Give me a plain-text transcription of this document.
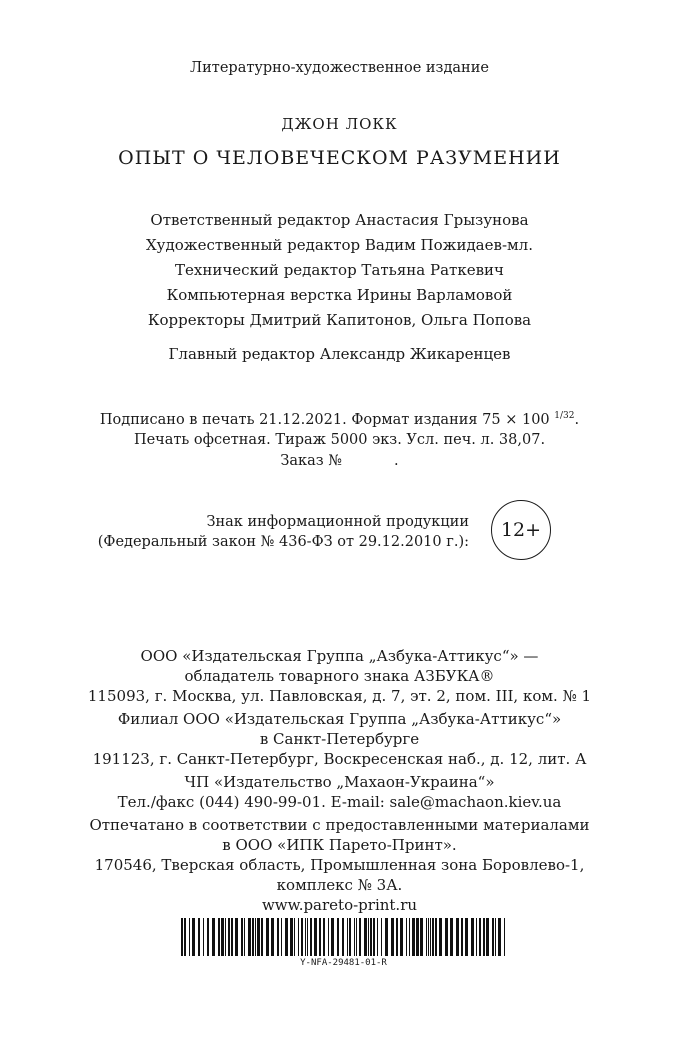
Литературно-художественное издание
ДЖОН ЛОКК
ОПЫТ О ЧЕЛОВЕЧЕСКОМ РАЗУМЕНИИ
Ответственный редактор Анастасия Грызунова
Художественный редактор Вадим Пожидаев-мл.
Технический редактор Татьяна Раткевич
Компьютерная верстка Ирины Варламовой
Корректоры Дмитрий Капитонов, Ольга Попова
Главный редактор Александр Жикаренцев
Подписано в печать 21.12.2021. Формат издания 75 × 100 $^{1/32}$.
Печать офсетная. Тираж 5000 экз. Усл. печ. л. 38,07.
Заказ №	.
Знак информационной продукции
(Федеральный закон № 436-ФЗ от 29.12.2010 г.):
12+
ООО «Издательская Группа „Азбука-Аттикус“» —
обладатель товарного знака АЗБУКА®
115093, г. Москва, ул. Павловская, д. 7, эт. 2, пом. III, ком. № 1
Филиал ООО «Издательская Группа „Азбука-Аттикус“»
в Санкт-Петербурге
191123, г. Санкт-Петербург, Воскресенская наб., д. 12, лит. А
ЧП «Издательство „Махаон-Украина“»
Тел./факс (044) 490-99-01. E-mail: sale@machaon.kiev.ua
Отпечатано в соответствии с предоставленными материалами
в ООО «ИПК Парето-Принт».
170546, Тверская область, Промышленная зона Боровлево-1,
комплекс № 3А.
www.pareto-print.ru
Y-NFA-29481-01-R
